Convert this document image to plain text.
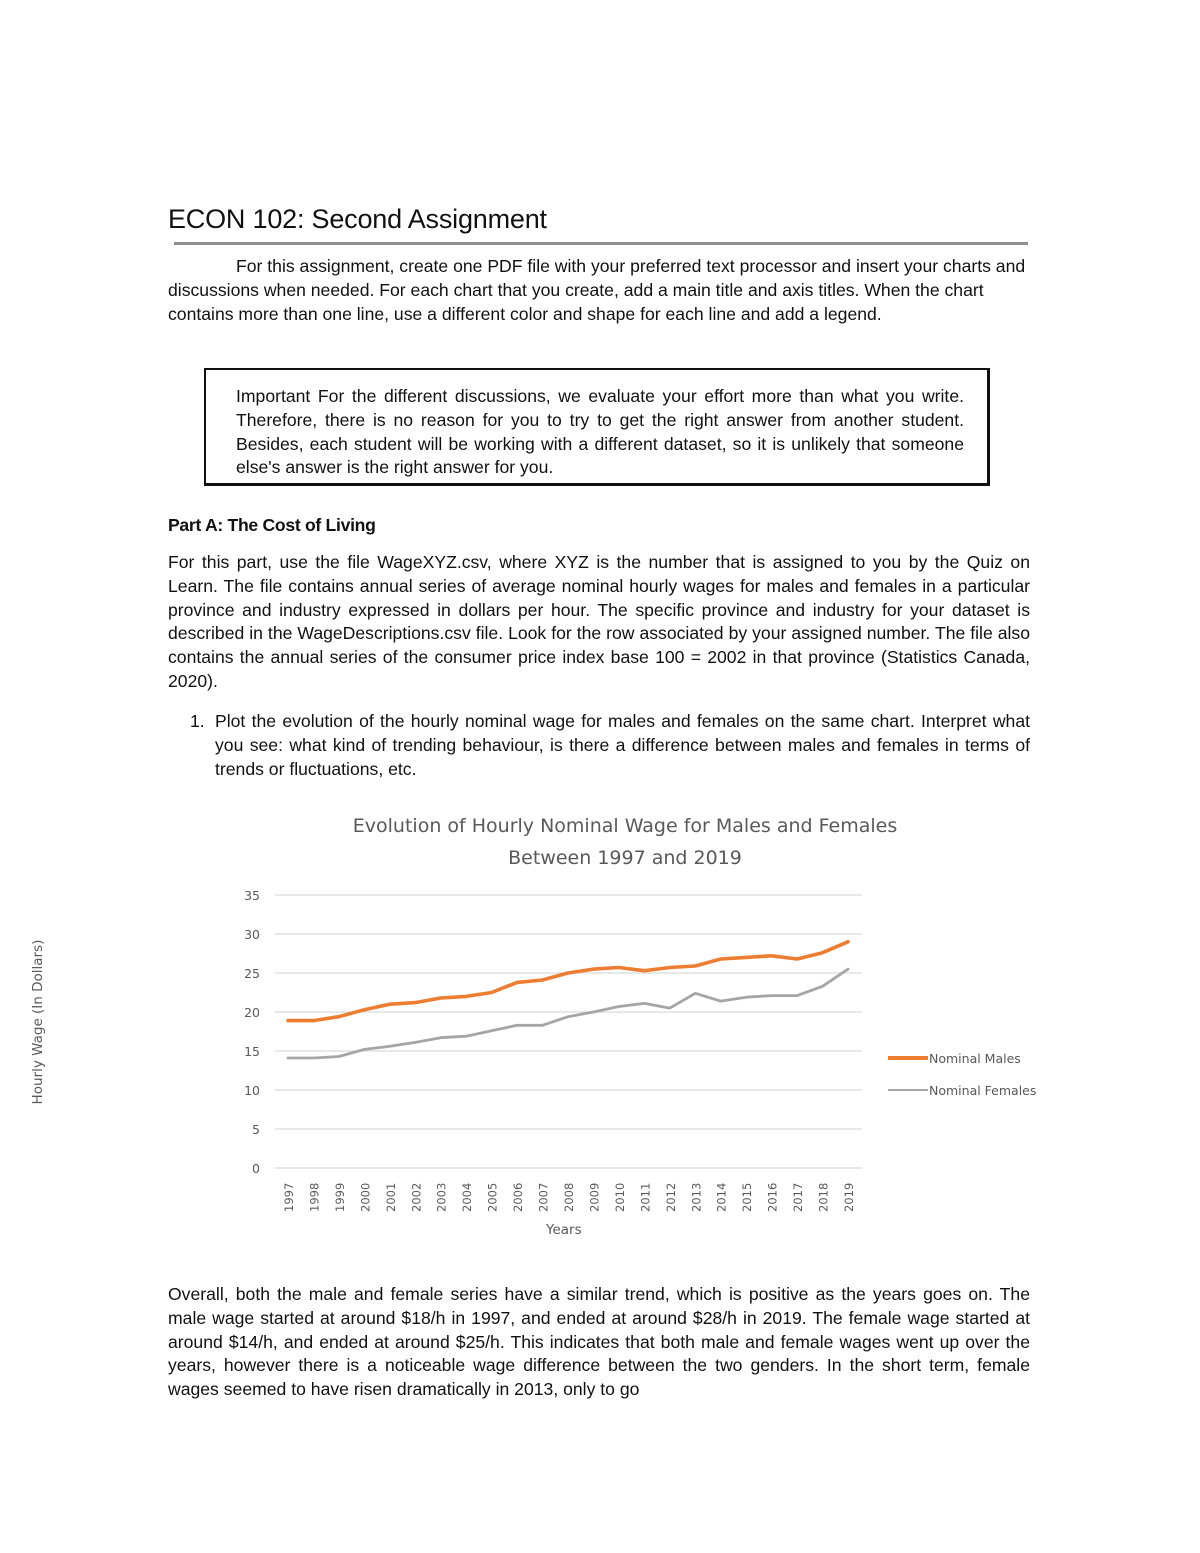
ECON 102: Second Assignment

For this assignment, create one PDF file with your preferred text processor and insert your charts and discussions when needed. For each chart that you create, add a main title and axis titles. When the chart contains more than one line, use a different color and shape for each line and add a legend.

Important For the different discussions, we evaluate your effort more than what you write. Therefore, there is no reason for you to try to get the right answer from another student. Besides, each student will be working with a different dataset, so it is unlikely that someone else's answer is the right answer for you.
Part A: The Cost of Living

For this part, use the file WageXYZ.csv, where XYZ is the number that is assigned to you by the Quiz on Learn. The file contains annual series of average nominal hourly wages for males and females in a particular province and industry expressed in dollars per hour. The specific province and industry for your dataset is described in the WageDescriptions.csv file. Look for the row associated by your assigned number. The file also contains the annual series of the consumer price index base 100 = 2002 in that province (Statistics Canada, 2020).

1. Plot the evolution of the hourly nominal wage for males and females on the same chart. Interpret what you see: what kind of trending behaviour, is there a difference between males and females in terms of trends or fluctuations, etc.
Evolution of Hourly Nominal Wage for Males and Females
Between 1997 and 2019
0
5
10
15
20
25
30
35
1997 1998 1999 2000 2001 2002 2003 2004 2005 2006 2007 2008 2009 2010 2011 2012 2013 2014 2015 2016 2017 2018 2019
Hourly Wage (In Dollars)
Years
Nominal Males
Nominal Females

Overall, both the male and female series have a similar trend, which is positive as the years goes on. The male wage started at around $18/h in 1997, and ended at around $28/h in 2019. The female wage started at around $14/h, and ended at around $25/h. This indicates that both male and female wages went up over the years, however there is a noticeable wage difference between the two genders. In the short term, female wages seemed to have risen dramatically in 2013, only to go
